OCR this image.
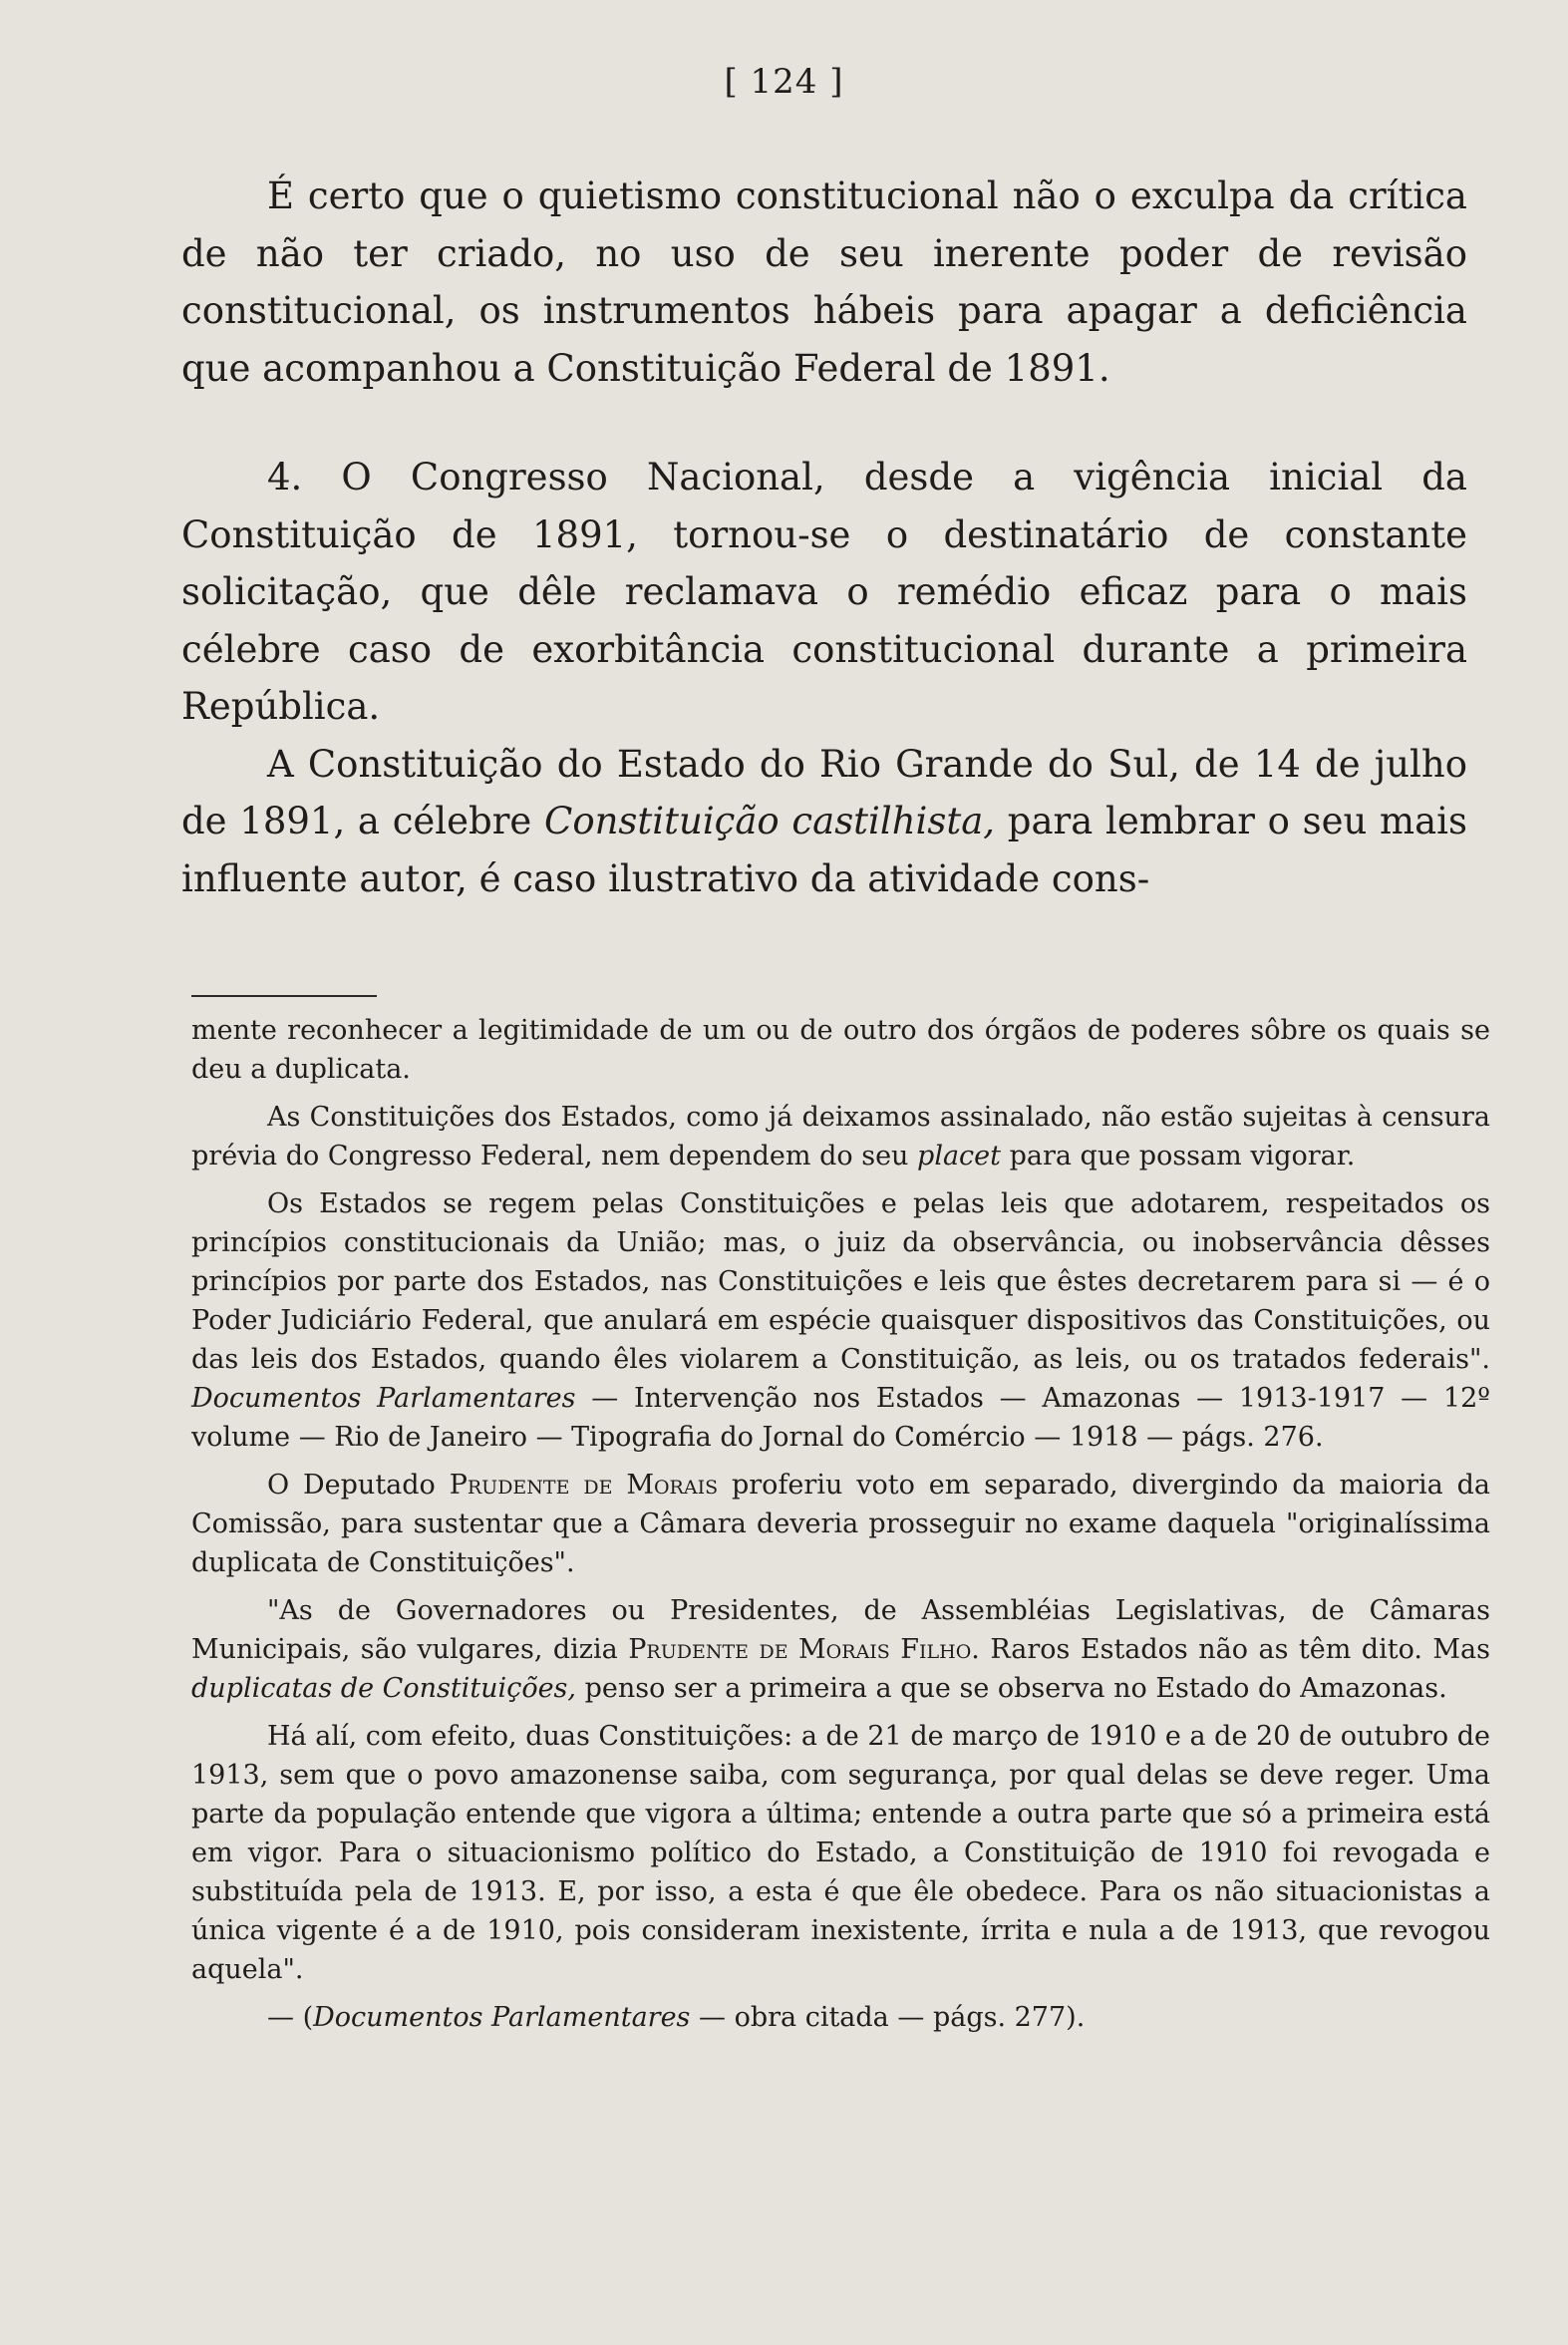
[ 124 ]

É certo que o quietismo constitucional não o exculpa da crítica de não ter criado, no uso de seu inerente poder de revisão constitucional, os instrumentos hábeis para apagar a deficiência que acompanhou a Constituição Federal de 1891.

4. O Congresso Nacional, desde a vigência inicial da Constituição de 1891, tornou-se o destinatário de constante solicitação, que dêle reclamava o remédio eficaz para o mais célebre caso de exorbitância constitucional durante a primeira República.

A Constituição do Estado do Rio Grande do Sul, de 14 de julho de 1891, a célebre Constituição castilhista, para lembrar o seu mais influente autor, é caso ilustrativo da atividade cons-

mente reconhecer a legitimidade de um ou de outro dos órgãos de poderes sôbre os quais se deu a duplicata.

As Constituições dos Estados, como já deixamos assinalado, não estão sujeitas à censura prévia do Congresso Federal, nem dependem do seu placet para que possam vigorar.

Os Estados se regem pelas Constituições e pelas leis que adotarem, respeitados os princípios constitucionais da União; mas, o juiz da observância, ou inobservância dêsses princípios por parte dos Estados, nas Constituições e leis que êstes decretarem para si — é o Poder Judiciário Federal, que anulará em espécie quaisquer dispositivos das Constituições, ou das leis dos Estados, quando êles violarem a Constituição, as leis, ou os tratados federais". Documentos Parlamentares — Intervenção nos Estados — Amazonas — 1913-1917 — 12º volume — Rio de Janeiro — Tipografia do Jornal do Comércio — 1918 — págs. 276.

O Deputado Prudente de Morais proferiu voto em separado, divergindo da maioria da Comissão, para sustentar que a Câmara deveria prosseguir no exame daquela "originalíssima duplicata de Constituições".

"As de Governadores ou Presidentes, de Assembléias Legislativas, de Câmaras Municipais, são vulgares, dizia Prudente de Morais Filho. Raros Estados não as têm dito. Mas duplicatas de Constituições, penso ser a primeira a que se observa no Estado do Amazonas.

Há alí, com efeito, duas Constituições: a de 21 de março de 1910 e a de 20 de outubro de 1913, sem que o povo amazonense saiba, com segurança, por qual delas se deve reger. Uma parte da população entende que vigora a última; entende a outra parte que só a primeira está em vigor. Para o situacionismo político do Estado, a Constituição de 1910 foi revogada e substituída pela de 1913. E, por isso, a esta é que êle obedece. Para os não situacionistas a única vigente é a de 1910, pois consideram inexistente, írrita e nula a de 1913, que revogou aquela".

— (Documentos Parlamentares — obra citada — págs. 277).
